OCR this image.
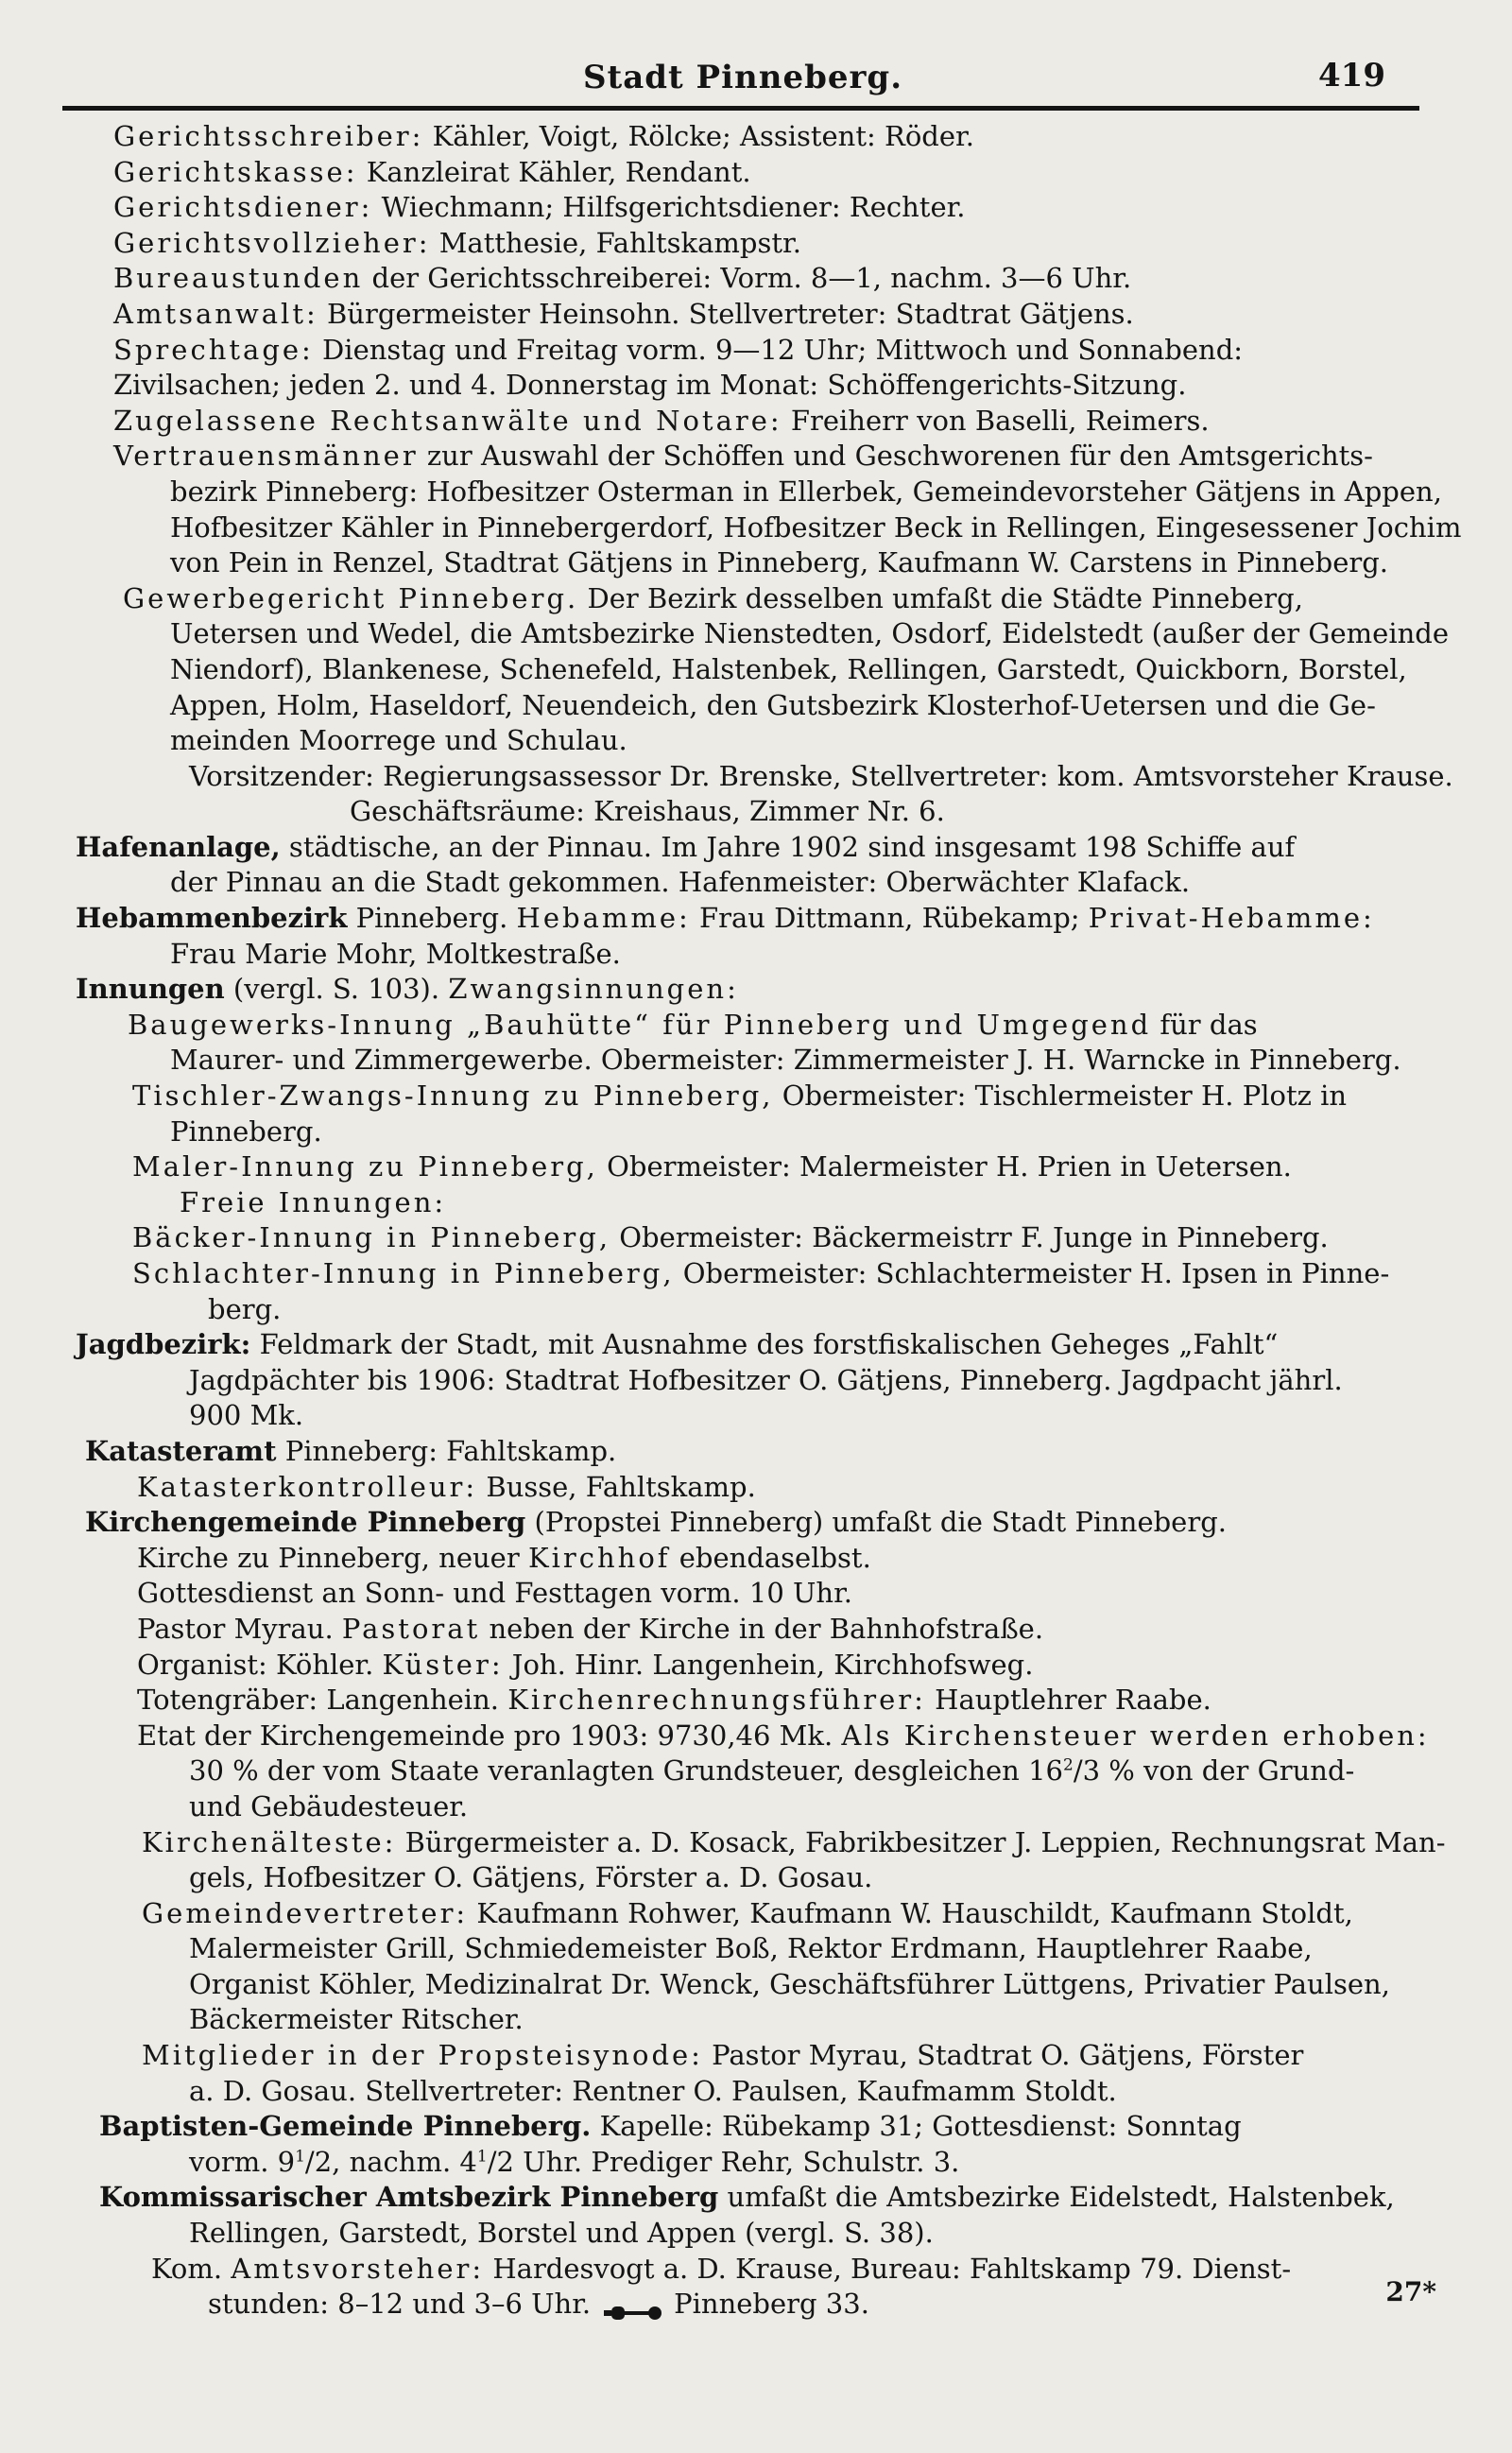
Stadt Pinneberg.	419
Gerichtsschreiber: Kähler, Voigt, Rölcke; Assistent: Röder.
Gerichtskasse: Kanzleirat Kähler, Rendant.
Gerichtsdiener: Wiechmann; Hilfsgerichtsdiener: Rechter.
Gerichtsvollzieher: Matthesie, Fahltskampstr.
Bureaustunden der Gerichtsschreiberei: Vorm. 8—1, nachm. 3—6 Uhr.
Amtsanwalt: Bürgermeister Heinsohn. Stellvertreter: Stadtrat Gätjens.
Sprechtage: Dienstag und Freitag vorm. 9—12 Uhr; Mittwoch und Sonnabend:
Zivilsachen; jeden 2. und 4. Donnerstag im Monat: Schöffengerichts-Sitzung.
Zugelassene Rechtsanwälte und Notare: Freiherr von Baselli, Reimers.
Vertrauensmänner zur Auswahl der Schöffen und Geschworenen für den Amtsgerichts-
bezirk Pinneberg: Hofbesitzer Osterman in Ellerbek, Gemeindevorsteher Gätjens in Appen,
Hofbesitzer Kähler in Pinnebergerdorf, Hofbesitzer Beck in Rellingen, Eingesessener Jochim
von Pein in Renzel, Stadtrat Gätjens in Pinneberg, Kaufmann W. Carstens in Pinneberg.
Gewerbegericht Pinneberg. Der Bezirk desselben umfaßt die Städte Pinneberg,
Uetersen und Wedel, die Amtsbezirke Nienstedten, Osdorf, Eidelstedt (außer der Gemeinde
Niendorf), Blankenese, Schenefeld, Halstenbek, Rellingen, Garstedt, Quickborn, Borstel,
Appen, Holm, Haseldorf, Neuendeich, den Gutsbezirk Klosterhof-Uetersen und die Ge-
meinden Moorrege und Schulau.
Vorsitzender: Regierungsassessor Dr. Brenske, Stellvertreter: kom. Amtsvorsteher Krause.
Geschäftsräume: Kreishaus, Zimmer Nr. 6.
Hafenanlage, städtische, an der Pinnau. Im Jahre 1902 sind insgesamt 198 Schiffe auf
der Pinnau an die Stadt gekommen. Hafenmeister: Oberwächter Klafack.
Hebammenbezirk Pinneberg. Hebamme: Frau Dittmann, Rübekamp; Privat-Hebamme:
Frau Marie Mohr, Moltkestraße.
Innungen (vergl. S. 103). Zwangsinnungen:
Baugewerks-Innung „Bauhütte“ für Pinneberg und Umgegend für das
Maurer- und Zimmergewerbe. Obermeister: Zimmermeister J. H. Warncke in Pinneberg.
Tischler-Zwangs-Innung zu Pinneberg, Obermeister: Tischlermeister H. Plotz in
Pinneberg.
Maler-Innung zu Pinneberg, Obermeister: Malermeister H. Prien in Uetersen.
Freie Innungen:
Bäcker-Innung in Pinneberg, Obermeister: Bäckermeistrr F. Junge in Pinneberg.
Schlachter-Innung in Pinneberg, Obermeister: Schlachtermeister H. Ipsen in Pinne-
berg.
Jagdbezirk: Feldmark der Stadt, mit Ausnahme des forstfiskalischen Geheges „Fahlt“
Jagdpächter bis 1906: Stadtrat Hofbesitzer O. Gätjens, Pinneberg. Jagdpacht jährl.
900 Mk.
Katasteramt Pinneberg: Fahltskamp.
Katasterkontrolleur: Busse, Fahltskamp.
Kirchengemeinde Pinneberg (Propstei Pinneberg) umfaßt die Stadt Pinneberg.
Kirche zu Pinneberg, neuer Kirchhof ebendaselbst.
Gottesdienst an Sonn- und Festtagen vorm. 10 Uhr.
Pastor Myrau. Pastorat neben der Kirche in der Bahnhofstraße.
Organist: Köhler. Küster: Joh. Hinr. Langenhein, Kirchhofsweg.
Totengräber: Langenhein. Kirchenrechnungsführer: Hauptlehrer Raabe.
Etat der Kirchengemeinde pro 1903: 9730,46 Mk. Als Kirchensteuer werden erhoben:
30 % der vom Staate veranlagten Grundsteuer, desgleichen $16^2/3$ % von der Grund-
und Gebäudesteuer.
Kirchenälteste: Bürgermeister a. D. Kosack, Fabrikbesitzer J. Leppien, Rechnungsrat Man-
gels, Hofbesitzer O. Gätjens, Förster a. D. Gosau.
Gemeindevertreter: Kaufmann Rohwer, Kaufmann W. Hauschildt, Kaufmann Stoldt,
Malermeister Grill, Schmiedemeister Boß, Rektor Erdmann, Hauptlehrer Raabe,
Organist Köhler, Medizinalrat Dr. Wenck, Geschäftsführer Lüttgens, Privatier Paulsen,
Bäckermeister Ritscher.
Mitglieder in der Propsteisynode: Pastor Myrau, Stadtrat O. Gätjens, Förster
a. D. Gosau. Stellvertreter: Rentner O. Paulsen, Kaufmamm Stoldt.
Baptisten-Gemeinde Pinneberg. Kapelle: Rübekamp 31; Gottesdienst: Sonntag
vorm. $9^1/2$, nachm. $4^1/2$ Uhr. Prediger Rehr, Schulstr. 3.
Kommissarischer Amtsbezirk Pinneberg umfaßt die Amtsbezirke Eidelstedt, Halstenbek,
Rellingen, Garstedt, Borstel und Appen (vergl. S. 38).
Kom. Amtsvorsteher: Hardesvogt a. D. Krause, Bureau: Fahltskamp 79. Dienst-
stunden: 8–12 und 3–6 Uhr.	Pinneberg 33.	27*
